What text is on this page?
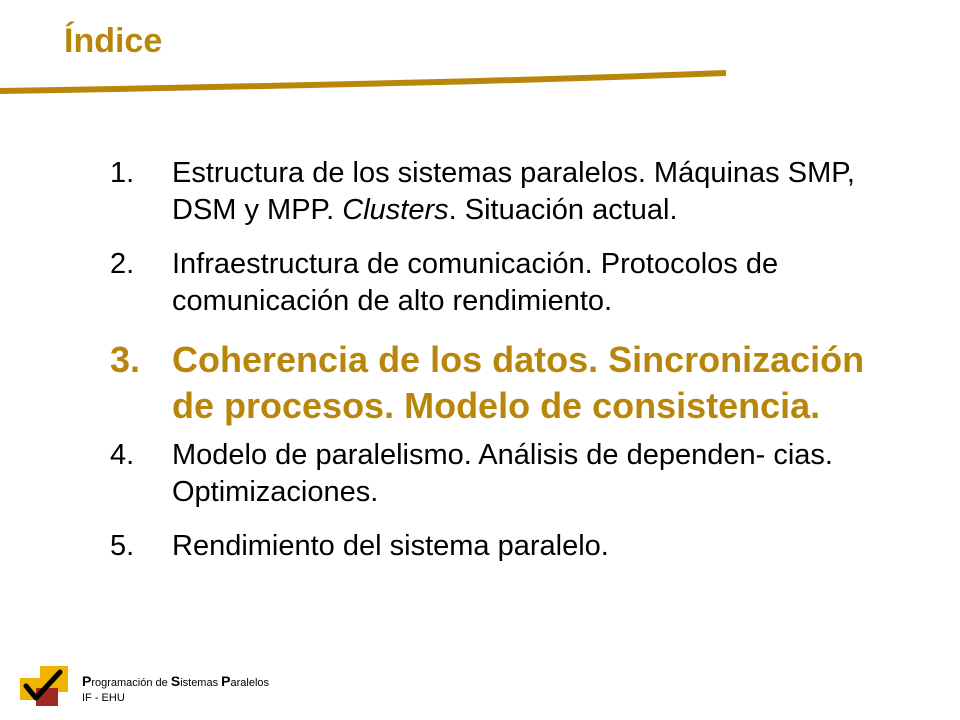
Índice
1. Estructura de los sistemas paralelos. Máquinas SMP, DSM y MPP. Clusters. Situación actual.
2. Infraestructura de comunicación. Protocolos de comunicación de alto rendimiento.
3. Coherencia de los datos. Sincronización de procesos. Modelo de consistencia.
4. Modelo de paralelismo. Análisis de dependen- cias. Optimizaciones.
5. Rendimiento del sistema paralelo.
Programación de Sistemas Paralelos
IF - EHU
